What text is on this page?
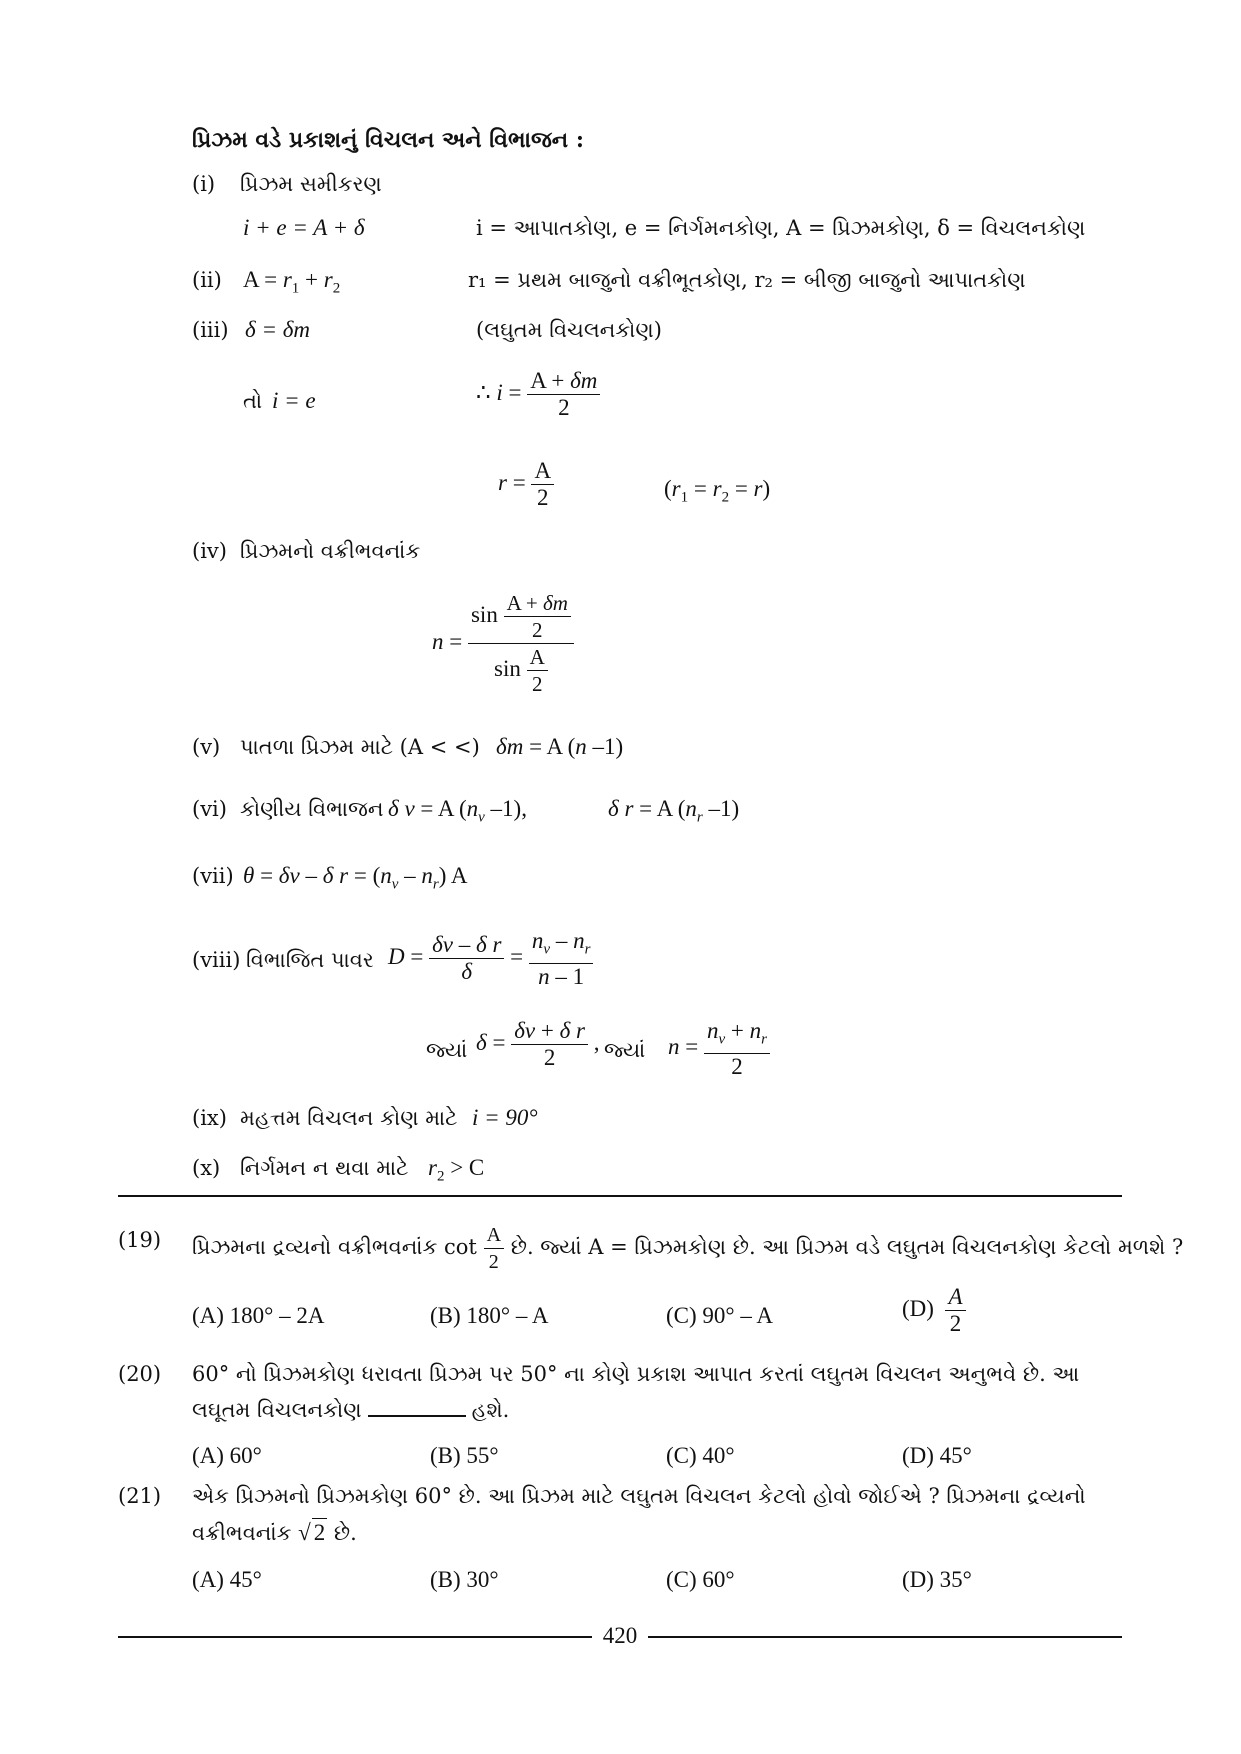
પ્રિઝમ વડે પ્રકાશનું વિચલન અને વિભાજન :
(i) પ્રિઝમ સમીકરણ
i + e = A + δ	i = આપાતકોણ, e = નિર્ગમનકોણ, A = પ્રિઝમકોણ, δ = વિચલનકોણ
(ii) $A = r_1 + r_2$	r₁ = પ્રથમ બાજુનો વક્રીભૂતકોણ, r₂ = બીજી બાજુનો આપાતકોણ
(iii) δ = δm	(લઘુતમ વિચલનકોણ)
તો i = e	∴ $i = \frac{A + \delta m}{2}$
$r = \frac{A}{2}$	$(r_1 = r_2 = r)$
(iv) પ્રિઝમનો વક્રીભવનાંક
$n = \frac{\sin \frac{A + \delta m}{2}}{\sin \frac{A}{2}}$
(v) પાતળા પ્રિઝમ માટે (A < <) δm = A (n –1)
(vi) કોણીય વિભાજન δ v = A ($n_v$ –1),	δ r = A ($n_r$ –1)
(vii) θ = δv – δ $r = (n_v - n_r)$ A
(viii) વિભાજિત પાવર $D = \frac{\text{δv – δ r}}{\delta} = \frac{n_v - n_r}{n - 1}$
જ્યાં $\delta = \frac{\text{δv + δ r}}{2}$ , જ્યાં $n = \frac{n_v + n_r}{2}$
(ix) મહત્તમ વિચલન કોણ માટે i = 90°
(x) નિર્ગમન ન થવા માટે $r_2 > C$
(19) પ્રિઝમના દ્રવ્યનો વક્રીભવનાંક $\cot \frac{A}{2}$ છે. જ્યાં A = પ્રિઝમકોણ છે. આ પ્રિઝમ વડે લઘુતમ વિચલનકોણ કેટલો મળશે ?
(A) 180° – 2A	(B) 180° – A	(C) 90° – A	$(D) \frac{A}{2}$
(20) 60° નો પ્રિઝમકોણ ધરાવતા પ્રિઝમ પર 50° ના કોણે પ્રકાશ આપાત કરતાં લઘુતમ વિચલન અનુભવે છે. આ
લઘૂતમ વિચલનકોણ	હશે.
(A) 60°	(B) 55°	(C) 40°	(D) 45°
(21) એક પ્રિઝમનો પ્રિઝમકોણ 60° છે. આ પ્રિઝમ માટે લઘુતમ વિચલન કેટલો હોવો જોઈએ ? પ્રિઝમના દ્રવ્યનો
વક્રીભવનાંક √ 2 છે.
(A) 45°	(B) 30°	(C) 60°	(D) 35°
420
